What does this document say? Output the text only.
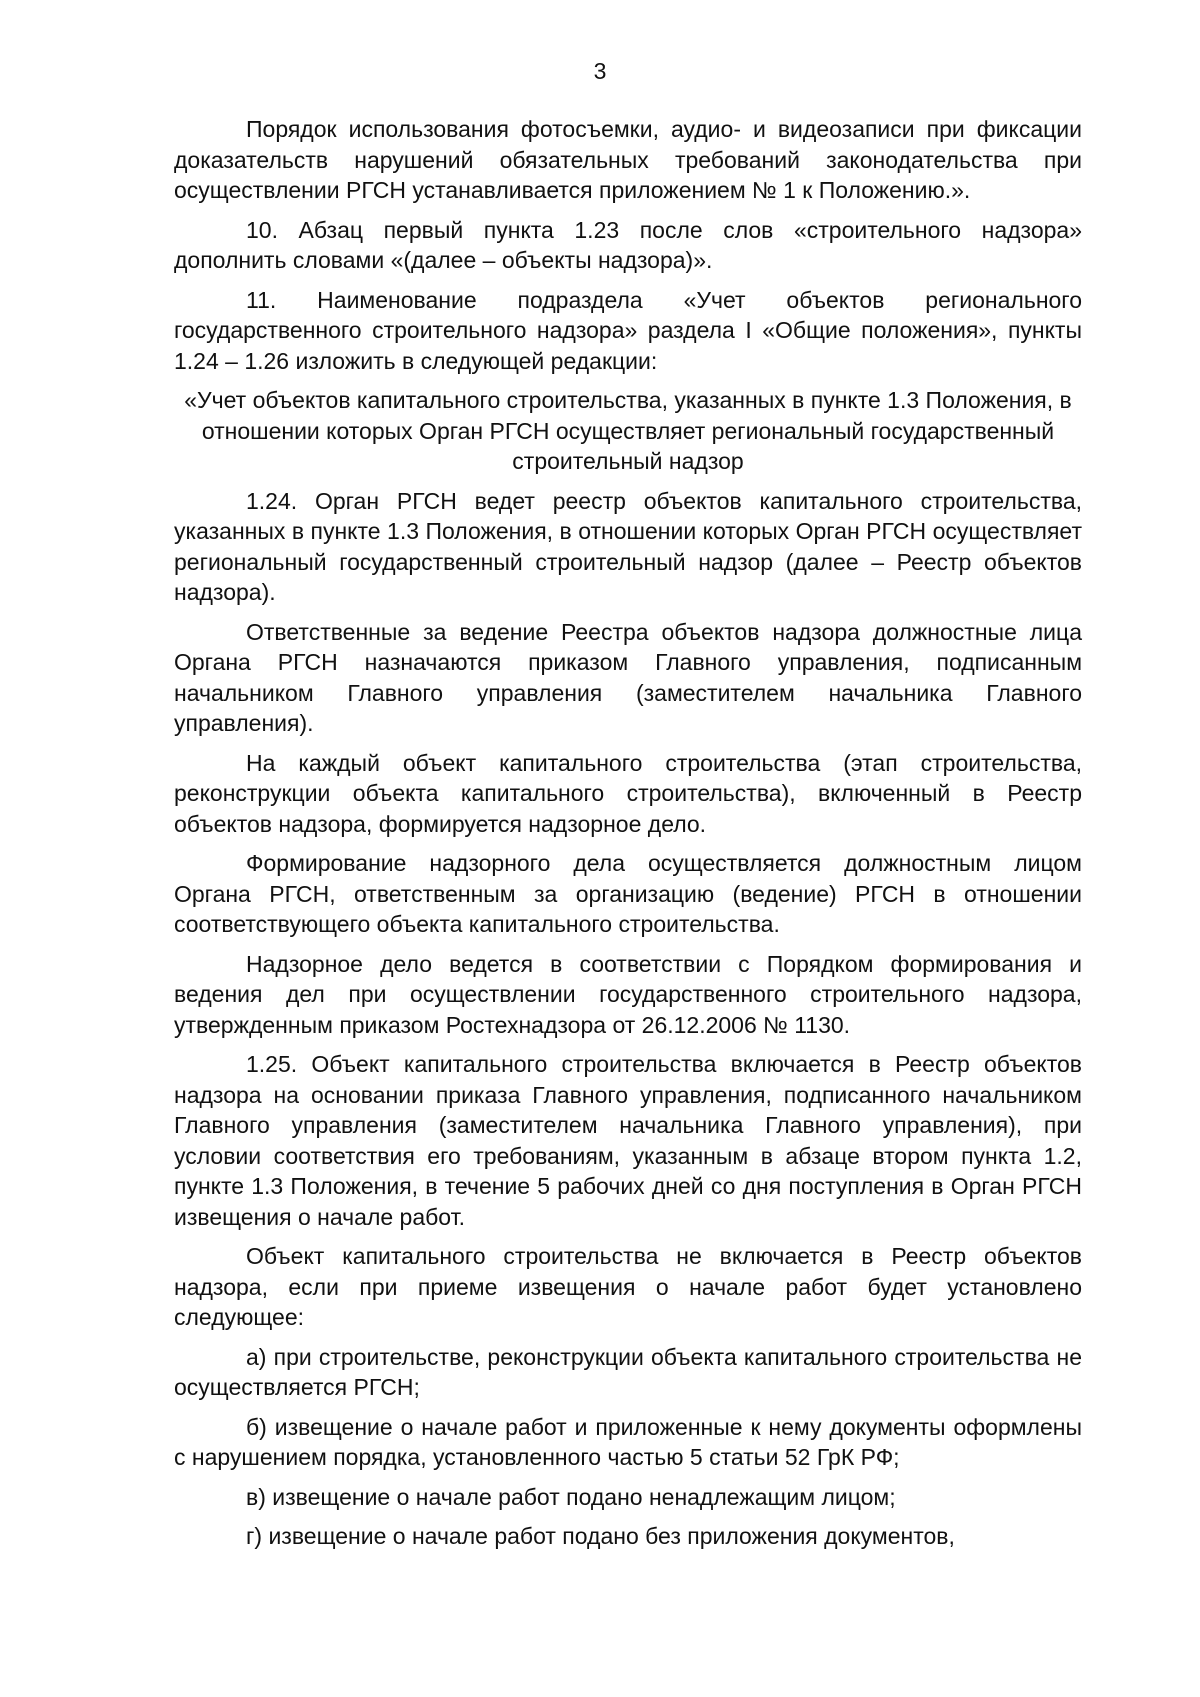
3

Порядок использования фотосъемки, аудио- и видеозаписи при фиксации доказательств нарушений обязательных требований законодательства при осуществлении РГСН устанавливается приложением № 1 к Положению.».

10. Абзац первый пункта 1.23 после слов «строительного надзора» дополнить словами «(далее – объекты надзора)».

11. Наименование подраздела «Учет объектов регионального государственного строительного надзора» раздела I «Общие положения», пункты 1.24 – 1.26 изложить в следующей редакции:

«Учет объектов капитального строительства, указанных в пункте 1.3 Положения, в отношении которых Орган РГСН осуществляет региональный государственный строительный надзор

1.24. Орган РГСН ведет реестр объектов капитального строительства, указанных в пункте 1.3 Положения, в отношении которых Орган РГСН осуществляет региональный государственный строительный надзор (далее – Реестр объектов надзора).

Ответственные за ведение Реестра объектов надзора должностные лица Органа РГСН назначаются приказом Главного управления, подписанным начальником Главного управления (заместителем начальника Главного управления).

На каждый объект капитального строительства (этап строительства, реконструкции объекта капитального строительства), включенный в Реестр объектов надзора, формируется надзорное дело.

Формирование надзорного дела осуществляется должностным лицом Органа РГСН, ответственным за организацию (ведение) РГСН в отношении соответствующего объекта капитального строительства.

Надзорное дело ведется в соответствии с Порядком формирования и ведения дел при осуществлении государственного строительного надзора, утвержденным приказом Ростехнадзора от 26.12.2006 № 1130.

1.25. Объект капитального строительства включается в Реестр объектов надзора на основании приказа Главного управления, подписанного начальником Главного управления (заместителем начальника Главного управления), при условии соответствия его требованиям, указанным в абзаце втором пункта 1.2, пункте 1.3 Положения, в течение 5 рабочих дней со дня поступления в Орган РГСН извещения о начале работ.

Объект капитального строительства не включается в Реестр объектов надзора, если при приеме извещения о начале работ будет установлено следующее:

а) при строительстве, реконструкции объекта капитального строительства не осуществляется РГСН;

б) извещение о начале работ и приложенные к нему документы оформлены с нарушением порядка, установленного частью 5 статьи 52 ГрК РФ;

в) извещение о начале работ подано ненадлежащим лицом;

г) извещение о начале работ подано без приложения документов,
